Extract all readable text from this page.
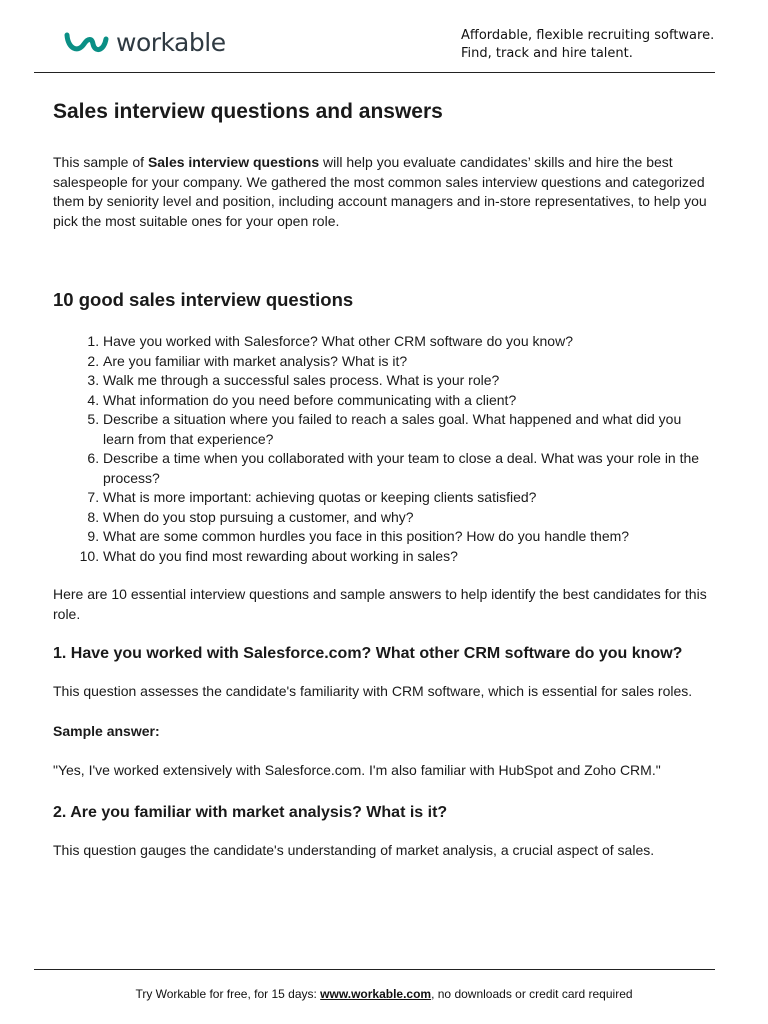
workable	Affordable, flexible recruiting software.
Find, track and hire talent.
Sales interview questions and answers

This sample of Sales interview questions will help you evaluate candidates’ skills and hire the best salespeople for your company. We gathered the most common sales interview questions and categorized them by seniority level and position, including account managers and in-store representatives, to help you pick the most suitable ones for your open role.

10 good sales interview questions
1. Have you worked with Salesforce? What other CRM software do you know?
2. Are you familiar with market analysis? What is it?
3. Walk me through a successful sales process. What is your role?
4. What information do you need before communicating with a client?
5. Describe a situation where you failed to reach a sales goal. What happened and what did you learn from that experience?
6. Describe a time when you collaborated with your team to close a deal. What was your role in the process?
7. What is more important: achieving quotas or keeping clients satisfied?
8. When do you stop pursuing a customer, and why?
9. What are some common hurdles you face in this position? How do you handle them?
10. What do you find most rewarding about working in sales?

Here are 10 essential interview questions and sample answers to help identify the best candidates for this role.

1. Have you worked with Salesforce.com? What other CRM software do you know?

This question assesses the candidate's familiarity with CRM software, which is essential for sales roles.

Sample answer:

"Yes, I've worked extensively with Salesforce.com. I'm also familiar with HubSpot and Zoho CRM."

2. Are you familiar with market analysis? What is it?

This question gauges the candidate's understanding of market analysis, a crucial aspect of sales.

Try Workable for free, for 15 days: www.workable.com, no downloads or credit card required
